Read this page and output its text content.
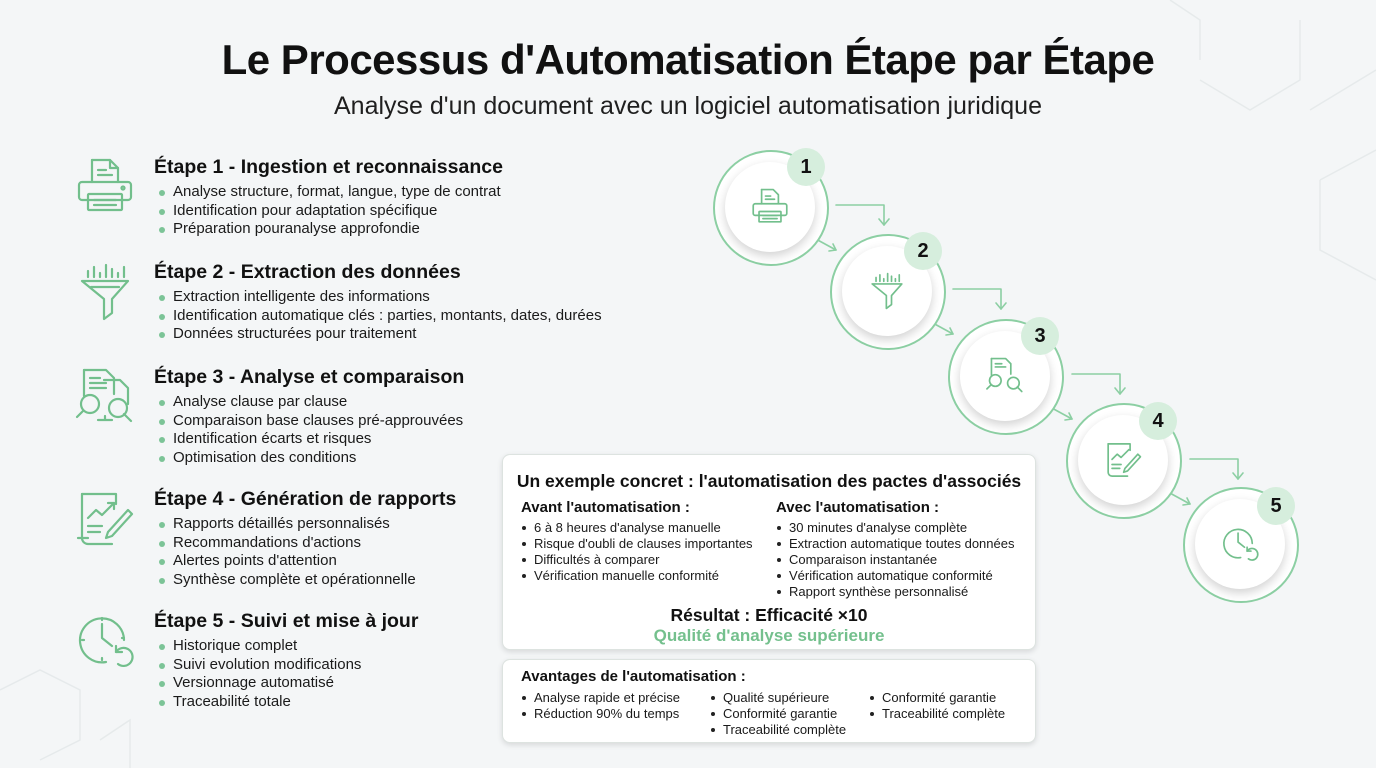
Le Processus d'Automatisation Étape par Étape
Analyse d'un document avec un logiciel automatisation juridique
Étape 1 - Ingestion et reconnaissance
Analyse structure, format, langue, type de contrat
Identification pour adaptation spécifique
Préparation pouranalyse approfondie
Étape 2 - Extraction des données
Extraction intelligente des informations
Identification automatique clés : parties, montants, dates, durées
Données structurées pour traitement
Étape 3 - Analyse et comparaison
Analyse clause par clause
Comparaison base clauses pré-approuvées
Identification écarts et risques
Optimisation des conditions
Étape 4 - Génération de rapports
Rapports détaillés personnalisés
Recommandations d'actions
Alertes points d'attention
Synthèse complète et opérationnelle
Étape 5 - Suivi et mise à jour
Historique complet
Suivi evolution modifications
Versionnage automatisé
Traceabilité totale
1
2
3
4
5
Un exemple concret : l'automatisation des pactes d'associés
Avant l'automatisation :
6 à 8 heures d'analyse manuelle
Risque d'oubli de clauses importantes
Difficultés à comparer
Vérification manuelle conformité
Avec l'automatisation :
30 minutes d'analyse complète
Extraction automatique toutes données
Comparaison instantanée
Vérification automatique conformité
Rapport synthèse personnalisé
Résultat : Efficacité ×10
Qualité d'analyse supérieure
Avantages de l'automatisation :
Analyse rapide et précise
Réduction 90% du temps
Qualité supérieure
Conformité garantie
Traceabilité complète
Conformité garantie
Traceabilité complète
